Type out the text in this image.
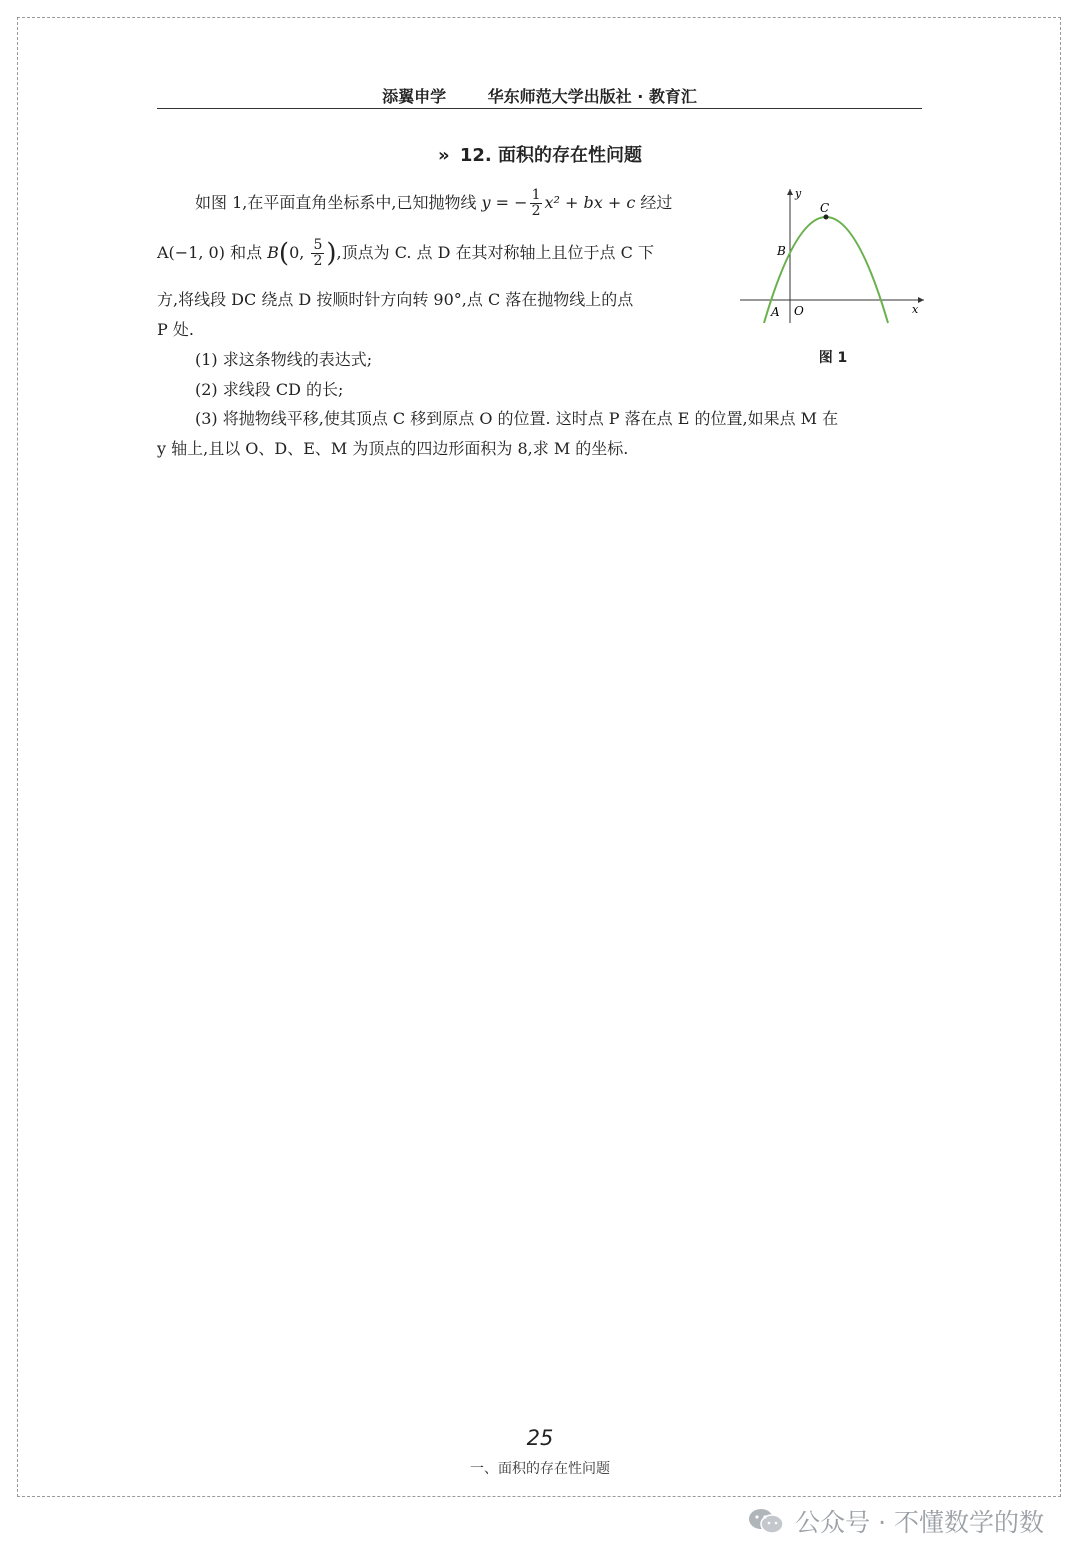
添翼申学	华东师范大学出版社 · 教育汇
» 12. 面积的存在性问题
如图 1,在平面直角坐标系中,已知抛物线 y = − $\frac{1}{2} x^2$ + bx + c 经过
A(−1, 0) 和点 B(0, $\frac{5}{2}$ ),顶点为 C. 点 D 在其对称轴上且位于点 C 下
方,将线段 DC 绕点 D 按顺时针方向转 90°,点 C 落在抛物线上的点
P 处.
(1) 求这条物线的表达式;
(2) 求线段 CD 的长;
(3) 将抛物线平移,使其顶点 C 移到原点 O 的位置. 这时点 P 落在点 E 的位置,如果点 M 在
y 轴上,且以 O、D、E、M 为顶点的四边形面积为 8,求 M 的坐标.
y
x
C
B
A O
图 1
25
一、面积的存在性问题
公众号 · 不懂数学的数
